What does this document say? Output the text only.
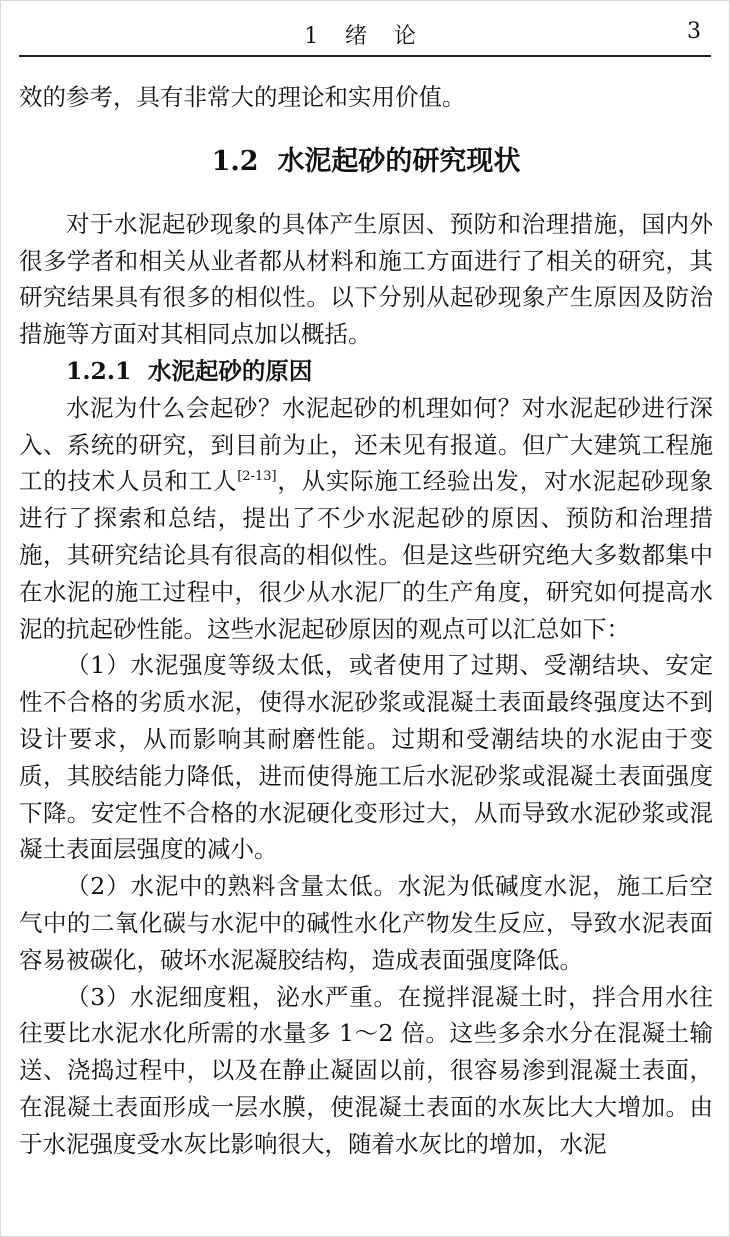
1 绪 论	3

效的参考，具有非常大的理论和实用价值。

1.2 水泥起砂的研究现状

对于水泥起砂现象的具体产生原因、预防和治理措施，国内外很多学者和相关从业者都从材料和施工方面进行了相关的研究，其研究结果具有很多的相似性。以下分别从起砂现象产生原因及防治措施等方面对其相同点加以概括。

1.2.1 水泥起砂的原因

水泥为什么会起砂？水泥起砂的机理如何？对水泥起砂进行深入、系统的研究，到目前为止，还未见有报道。但广大建筑工程施工的技术人员和工人[2-13]，从实际施工经验出发，对水泥起砂现象进行了探索和总结，提出了不少水泥起砂的原因、预防和治理措施，其研究结论具有很高的相似性。但是这些研究绝大多数都集中在水泥的施工过程中，很少从水泥厂的生产角度，研究如何提高水泥的抗起砂性能。这些水泥起砂原因的观点可以汇总如下：

（1）水泥强度等级太低，或者使用了过期、受潮结块、安定性不合格的劣质水泥，使得水泥砂浆或混凝土表面最终强度达不到设计要求，从而影响其耐磨性能。过期和受潮结块的水泥由于变质，其胶结能力降低，进而使得施工后水泥砂浆或混凝土表面强度下降。安定性不合格的水泥硬化变形过大，从而导致水泥砂浆或混凝土表面层强度的减小。

（2）水泥中的熟料含量太低。水泥为低碱度水泥，施工后空气中的二氧化碳与水泥中的碱性水化产物发生反应，导致水泥表面容易被碳化，破坏水泥凝胶结构，造成表面强度降低。

（3）水泥细度粗，泌水严重。在搅拌混凝土时，拌合用水往往要比水泥水化所需的水量多 1～2 倍。这些多余水分在混凝土输送、浇捣过程中，以及在静止凝固以前，很容易渗到混凝土表面，在混凝土表面形成一层水膜，使混凝土表面的水灰比大大增加。由于水泥强度受水灰比影响很大，随着水灰比的增加，水泥
